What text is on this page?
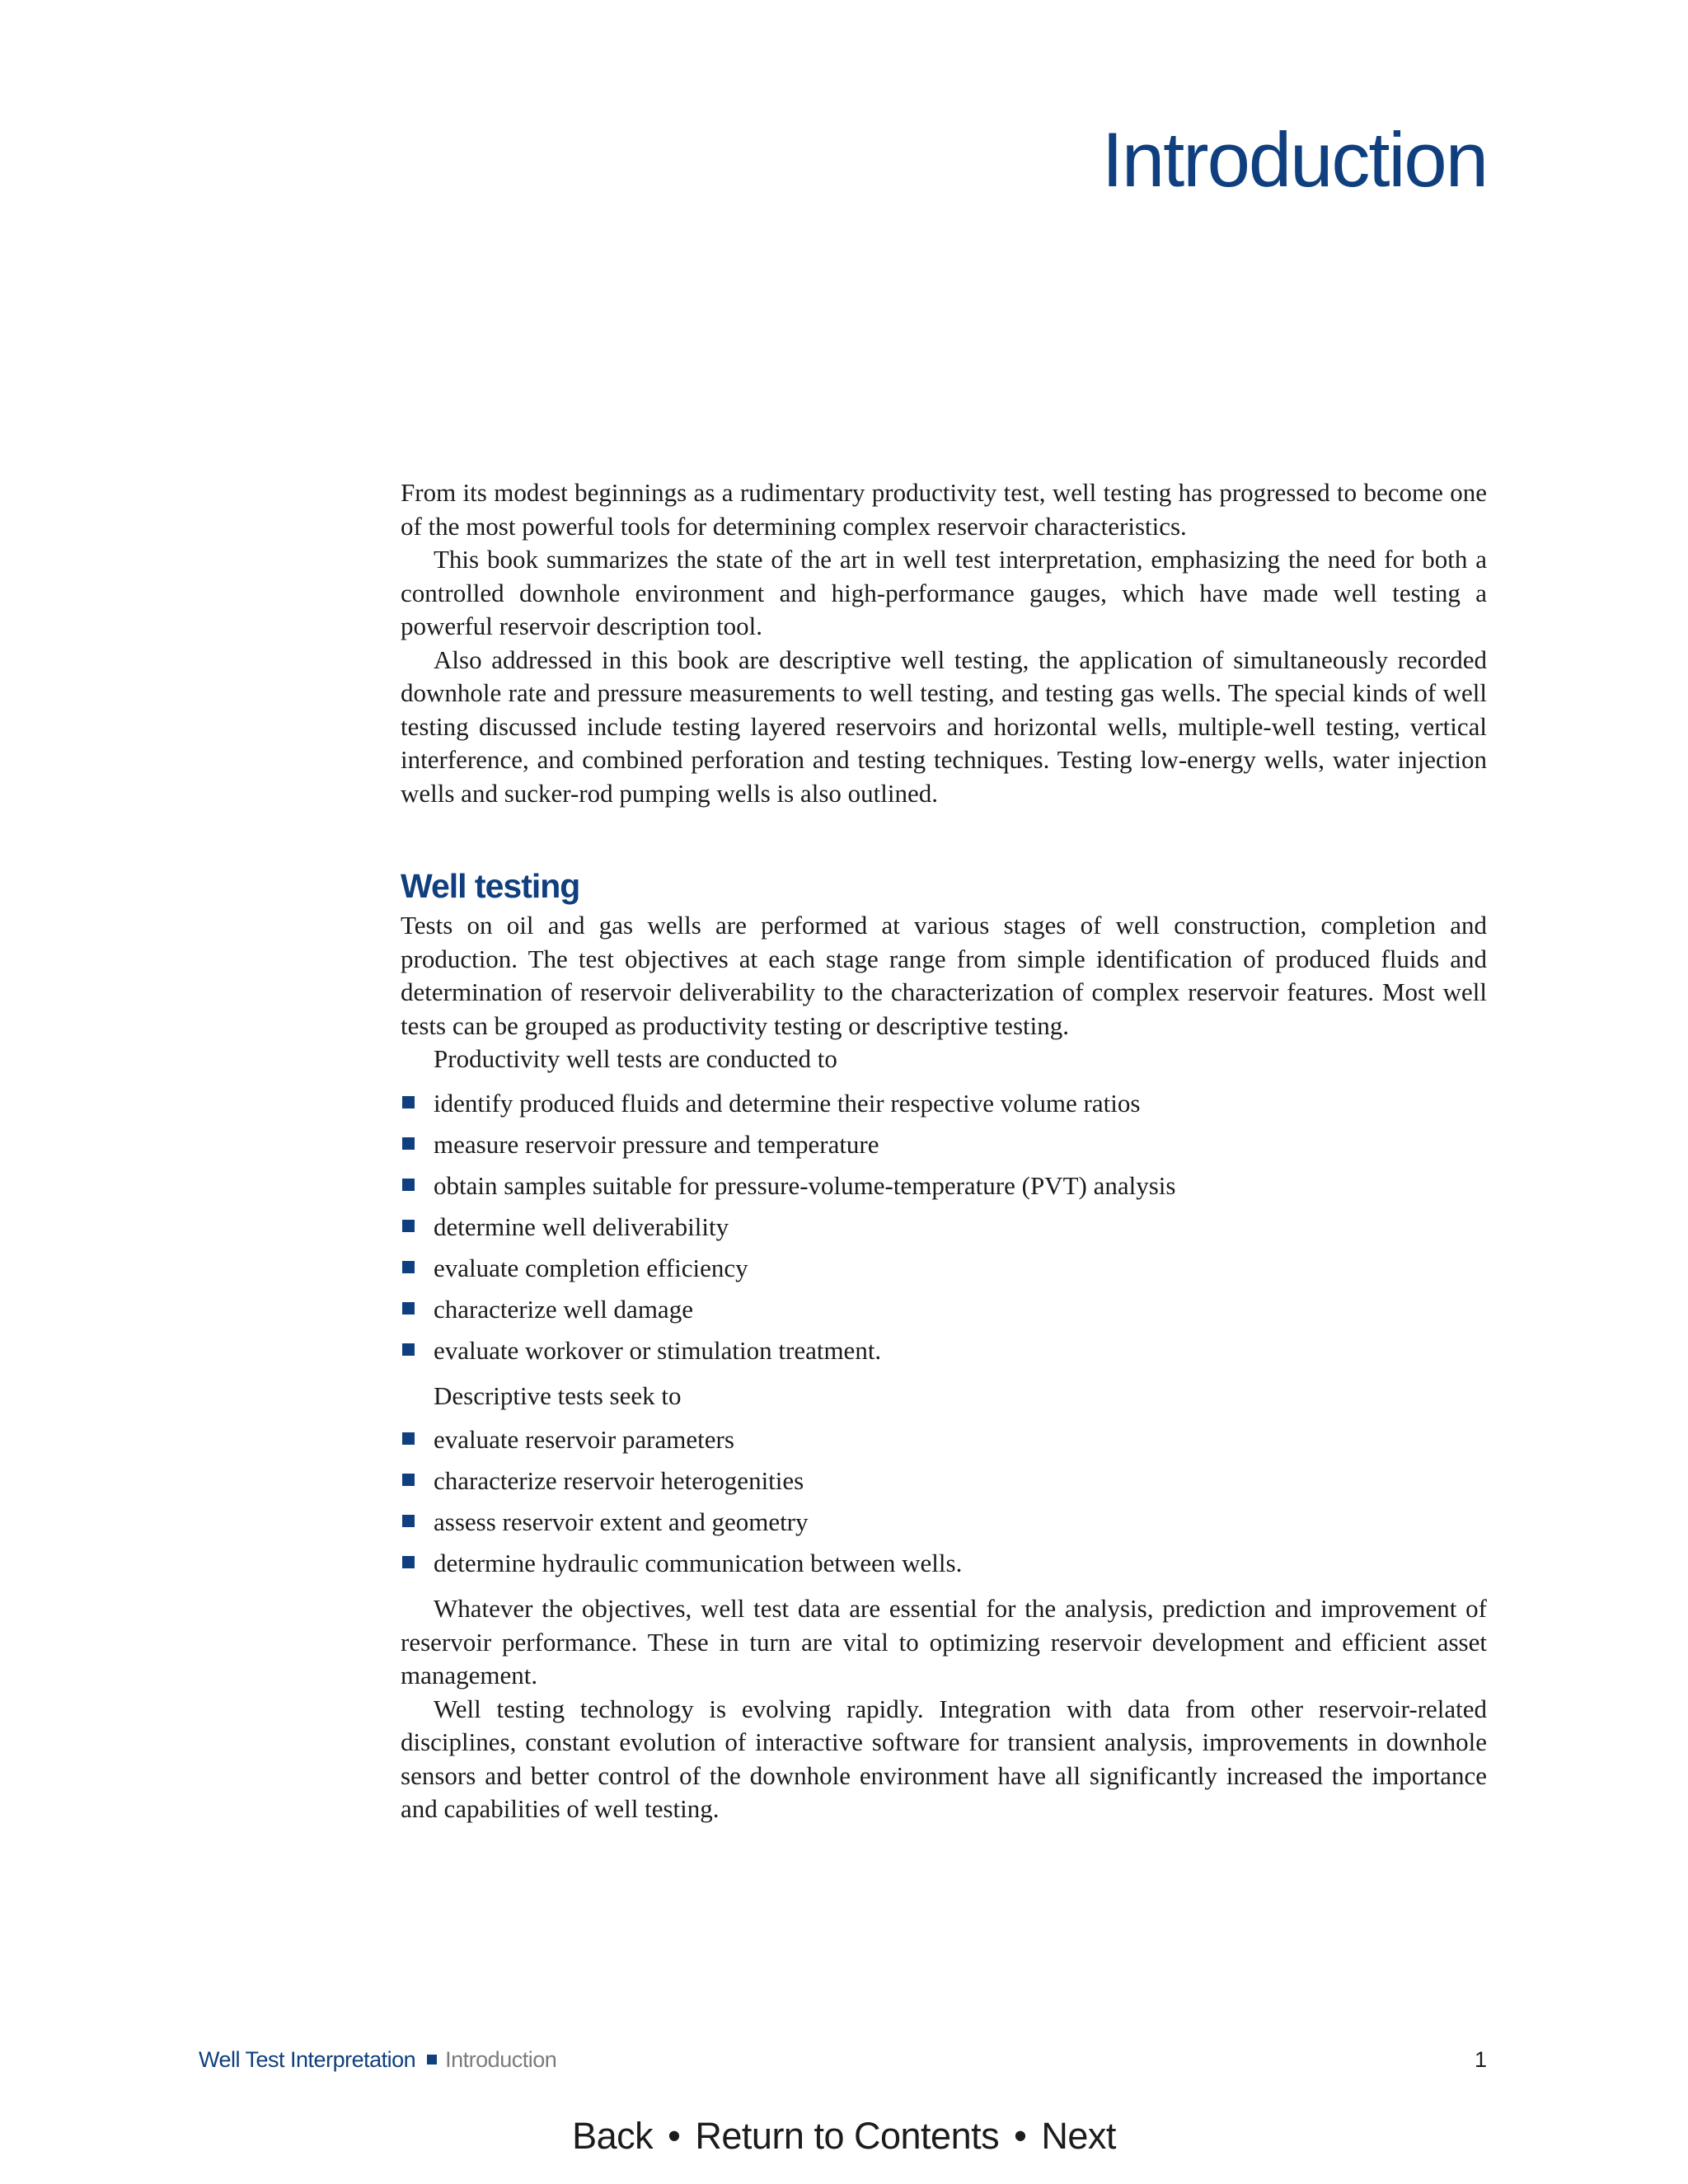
Introduction

From its modest beginnings as a rudimentary productivity test, well testing has progressed to become one of the most powerful tools for determining complex reservoir characteristics.

This book summarizes the state of the art in well test interpretation, emphasizing the need for both a controlled downhole environment and high-performance gauges, which have made well testing a powerful reservoir description tool.

Also addressed in this book are descriptive well testing, the application of simultaneously recorded downhole rate and pressure measurements to well testing, and testing gas wells. The special kinds of well testing discussed include testing layered reservoirs and horizontal wells, multiple-well testing, vertical interference, and combined perforation and testing techniques. Testing low-energy wells, water injection wells and sucker-rod pumping wells is also outlined.

Well testing

Tests on oil and gas wells are performed at various stages of well construction, completion and production. The test objectives at each stage range from simple identification of produced fluids and determination of reservoir deliverability to the characterization of complex reservoir features. Most well tests can be grouped as productivity testing or descriptive testing.

Productivity well tests are conducted to

identify produced fluids and determine their respective volume ratios
measure reservoir pressure and temperature
obtain samples suitable for pressure-volume-temperature (PVT) analysis
determine well deliverability
evaluate completion efficiency
characterize well damage
evaluate workover or stimulation treatment.

Descriptive tests seek to

evaluate reservoir parameters
characterize reservoir heterogenities
assess reservoir extent and geometry
determine hydraulic communication between wells.

Whatever the objectives, well test data are essential for the analysis, prediction and improvement of reservoir performance. These in turn are vital to optimizing reservoir development and efficient asset management.

Well testing technology is evolving rapidly. Integration with data from other reservoir-related disciplines, constant evolution of interactive software for transient analysis, improvements in downhole sensors and better control of the downhole environment have all significantly increased the importance and capabilities of well testing.

Well Test Interpretation Introduction	1
Back • Return to Contents • Next
